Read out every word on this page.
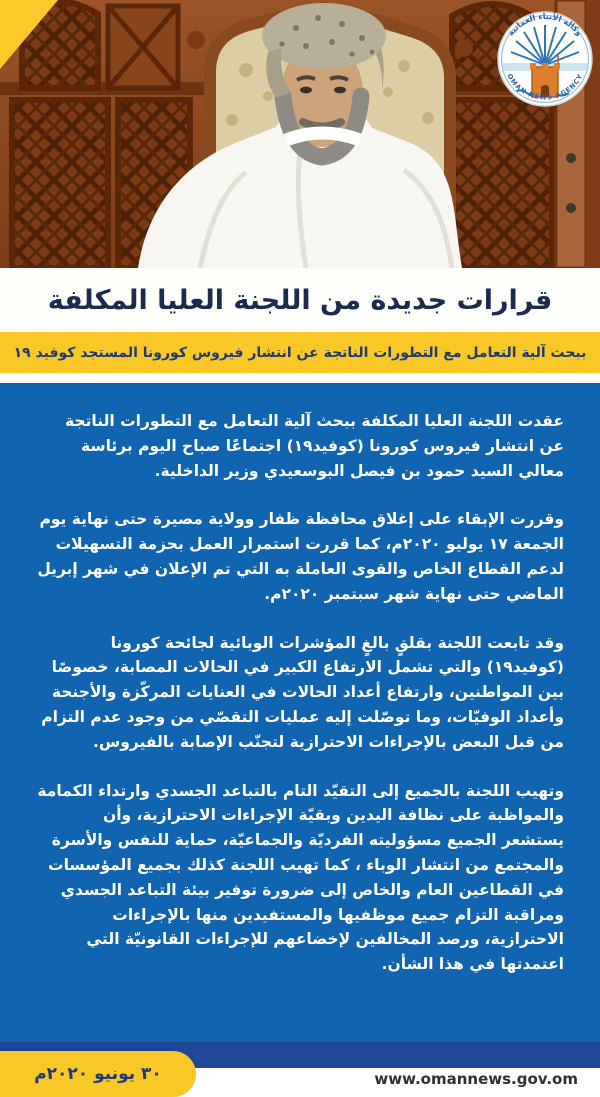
وكالة الأنباء العمانية
OMAN NEWS AGENCY
قرارات جديدة من اللجنة العليا المكلفة
ببحث آلية التعامل مع التطورات الناتجة عن انتشار فيروس كورونا المستجد كوفيد ١٩

عقدت اللجنة العليا المكلفة ببحث آلية التعامل مع التطورات الناتجة عن انتشار فيروس كورونا (كوفيد١٩) اجتماعًا صباح اليوم برئاسة معالي السيد حمود بن فيصل البوسعيدي وزير الداخلية.

وقررت الإبقاء على إغلاق محافظة ظفار وولاية مصيرة حتى نهاية يوم الجمعة ١٧ يوليو ٢٠٢٠م، كما قررت استمرار العمل بحزمة التسهيلات لدعم القطاع الخاص والقوى العاملة به التي تم الإعلان في شهر إبريل الماضي حتى نهاية شهر سبتمبر ٢٠٢٠م.

وقد تابعت اللجنة بقلقٍ بالغٍ المؤشرات الوبائية لجائحة كورونا (كوفيد١٩) والتي تشمل الارتفاع الكبير في الحالات المصابة، خصوصًا بين المواطنين، وارتفاع أعداد الحالات في العنايات المركّزة والأجنحة وأعداد الوفيّات، وما توصّلت إليه عمليات التقصّي من وجود عدم التزام من قبل البعض بالإجراءات الاحترازية لتجنّب الإصابة بالفيروس.

وتهيب اللجنة بالجميع إلى التقيّد التام بالتباعد الجسدي وارتداء الكمامة والمواظبة على نظافة اليدين وبقيّة الإجراءات الاحترازية، وأن يستشعر الجميع مسؤوليته الفرديّة والجماعيّة، حماية للنفس والأسرة والمجتمع من انتشار الوباء ، كما تهيب اللجنة كذلك بجميع المؤسسات في القطاعين العام والخاص إلى ضرورة توفير بيئة التباعد الجسدي ومراقبة التزام جميع موظفيها والمستفيدين منها بالإجراءات الاحترازية، ورصد المخالفين لإخضاعهم للإجراءات القانونيّة التي اعتمدتها في هذا الشأن.

٣٠ يونيو ٢٠٢٠م	www.omannews.gov.om
